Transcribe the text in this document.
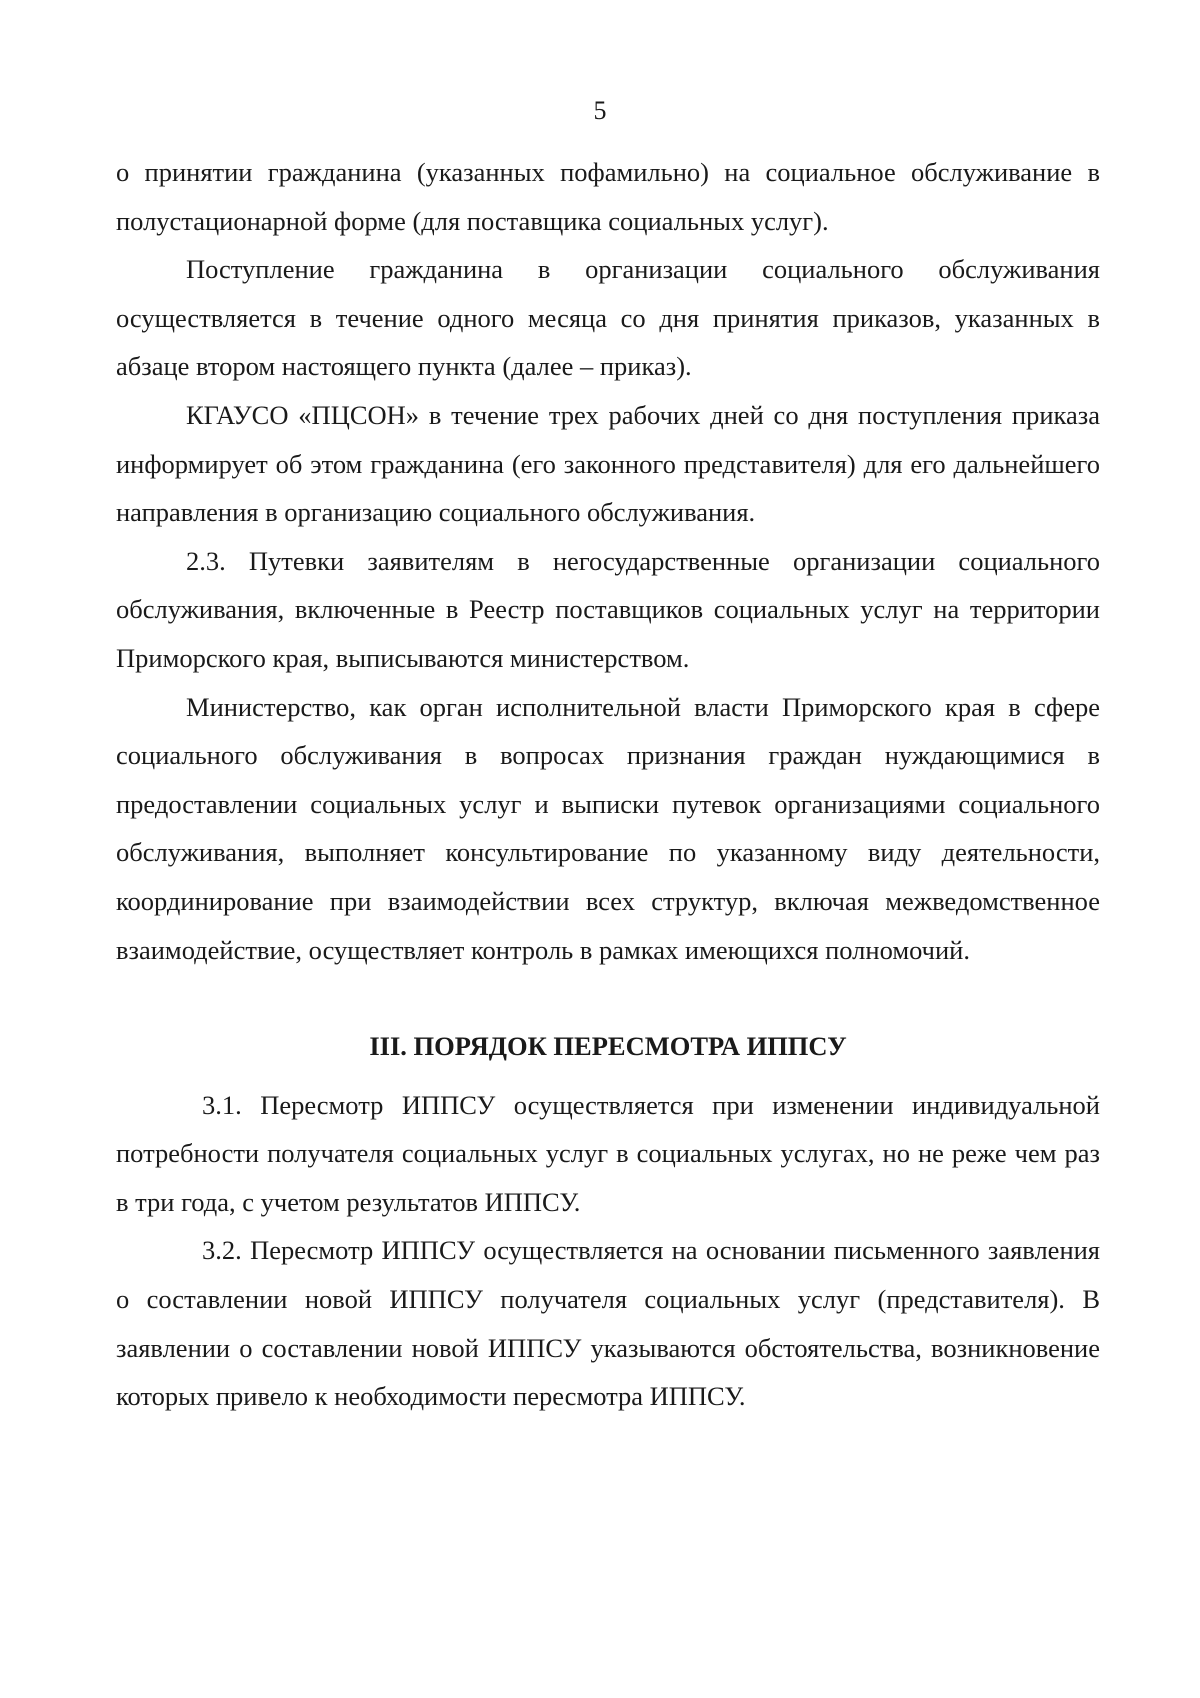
5

о принятии гражданина (указанных пофамильно) на социальное обслуживание в полустационарной форме (для поставщика социальных услуг).

Поступление гражданина в организации социального обслуживания осуществляется в течение одного месяца со дня принятия приказов, указанных в абзаце втором настоящего пункта (далее – приказ).

КГАУСО «ПЦСОН» в течение трех рабочих дней со дня поступления приказа информирует об этом гражданина (его законного представителя) для его дальнейшего направления в организацию социального обслуживания.

2.3. Путевки заявителям в негосударственные организации социального обслуживания, включенные в Реестр поставщиков социальных услуг на территории Приморского края, выписываются министерством.

Министерство, как орган исполнительной власти Приморского края в сфере социального обслуживания в вопросах признания граждан нуждающимися в предоставлении социальных услуг и выписки путевок организациями социального обслуживания, выполняет консультирование по указанному виду деятельности, координирование при взаимодействии всех структур, включая межведомственное взаимодействие, осуществляет контроль в рамках имеющихся полномочий.

III. ПОРЯДОК ПЕРЕСМОТРА ИППСУ

3.1. Пересмотр ИППСУ осуществляется при изменении индивидуальной потребности получателя социальных услуг в социальных услугах, но не реже чем раз в три года, с учетом результатов ИППСУ.

3.2. Пересмотр ИППСУ осуществляется на основании письменного заявления о составлении новой ИППСУ получателя социальных услуг (представителя). В заявлении о составлении новой ИППСУ указываются обстоятельства, возникновение которых привело к необходимости пересмотра ИППСУ.
